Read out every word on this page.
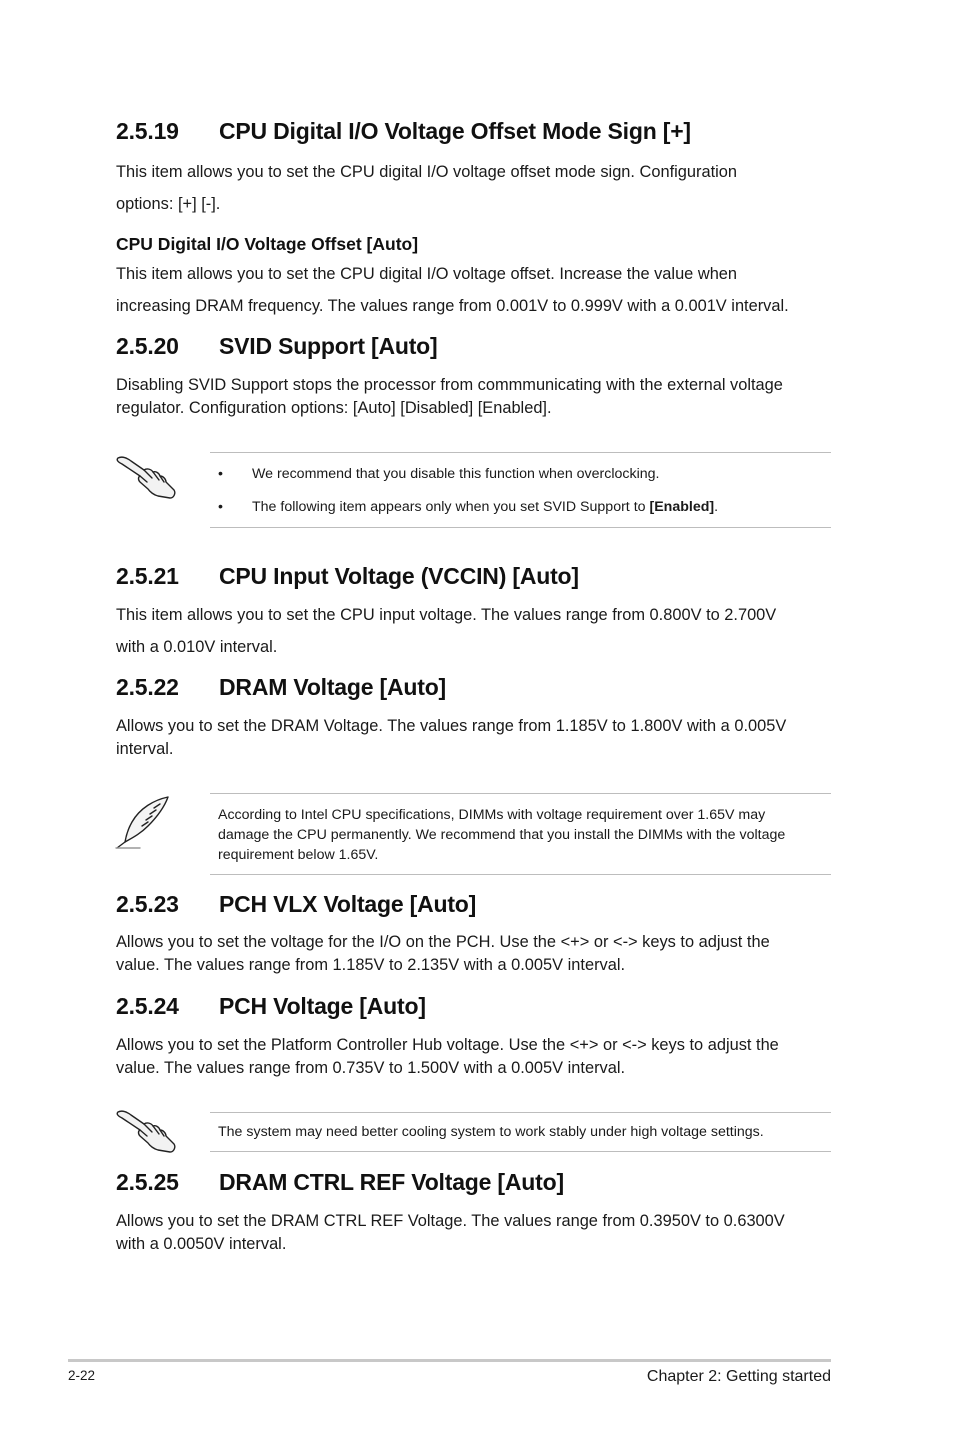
2.5.19 CPU Digital I/O Voltage Offset Mode Sign [+]

This item allows you to set the CPU digital I/O voltage offset mode sign. Configuration

options: [+] [-].

CPU Digital I/O Voltage Offset [Auto]

This item allows you to set the CPU digital I/O voltage offset. Increase the value when

increasing DRAM frequency. The values range from 0.001V to 0.999V with a 0.001V interval.

2.5.20 SVID Support [Auto]

Disabling SVID Support stops the processor from commmunicating with the external voltage

regulator. Configuration options: [Auto] [Disabled] [Enabled].

• We recommend that you disable this function when overclocking.
• The following item appears only when you set SVID Support to [Enabled].
2.5.21 CPU Input Voltage (VCCIN) [Auto]

This item allows you to set the CPU input voltage. The values range from 0.800V to 2.700V

with a 0.010V interval.

2.5.22 DRAM Voltage [Auto]

Allows you to set the DRAM Voltage. The values range from 1.185V to 1.800V with a 0.005V

interval.

According to Intel CPU specifications, DIMMs with voltage requirement over 1.65V may
damage the CPU permanently. We recommend that you install the DIMMs with the voltage
requirement below 1.65V.
2.5.23 PCH VLX Voltage [Auto]

Allows you to set the voltage for the I/O on the PCH. Use the <+> or <-> keys to adjust the

value. The values range from 1.185V to 2.135V with a 0.005V interval.

2.5.24 PCH Voltage [Auto]

Allows you to set the Platform Controller Hub voltage. Use the <+> or <-> keys to adjust the

value. The values range from 0.735V to 1.500V with a 0.005V interval.

The system may need better cooling system to work stably under high voltage settings.
2.5.25 DRAM CTRL REF Voltage [Auto]

Allows you to set the DRAM CTRL REF Voltage. The values range from 0.3950V to 0.6300V

with a 0.0050V interval.

2-22	Chapter 2: Getting started
